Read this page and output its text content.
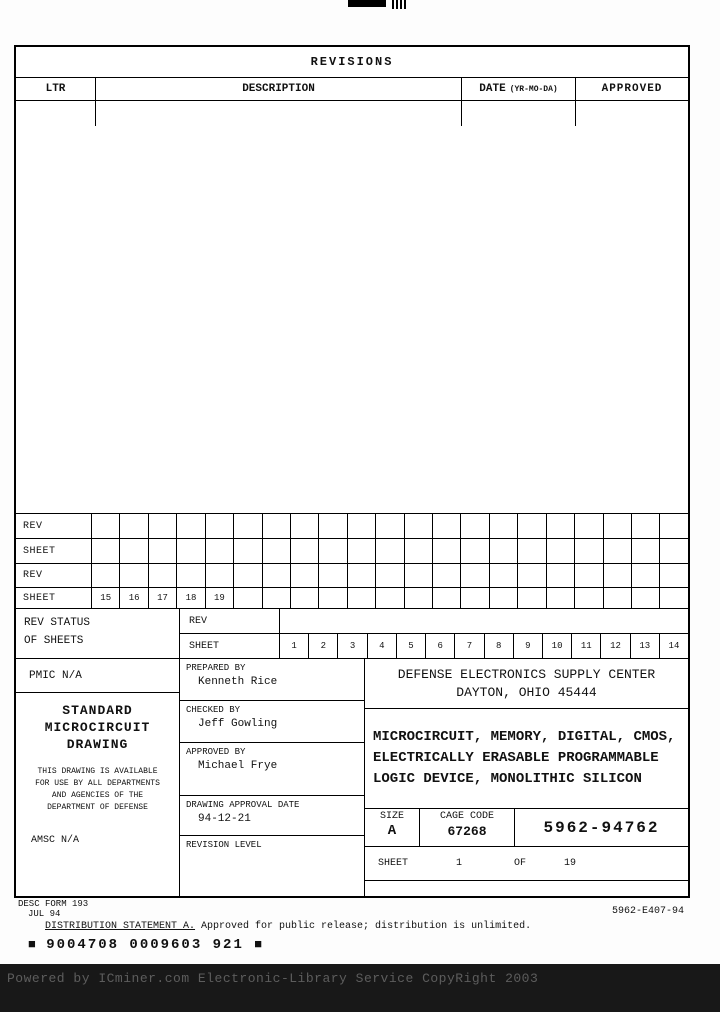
REVISIONS
LTR	DESCRIPTION	DATE (YR-MO-DA)	APPROVED
REV
SHEET
REV
SHEET	15	16	17	18	19
REV STATUS
OF SHEETS
REV
SHEET	1	2	3	4	5	6	7	8	9	10	11	12	13	14
PMIC N/A
STANDARD
MICROCIRCUIT
DRAWING
THIS DRAWING IS AVAILABLE
FOR USE BY ALL DEPARTMENTS
AND AGENCIES OF THE
DEPARTMENT OF DEFENSE
AMSC N/A
PREPARED BY
Kenneth Rice
CHECKED BY
Jeff Gowling
APPROVED BY
Michael Frye
DRAWING APPROVAL DATE
94-12-21
REVISION LEVEL
DEFENSE ELECTRONICS SUPPLY CENTER
DAYTON, OHIO 45444
MICROCIRCUIT, MEMORY, DIGITAL, CMOS,
ELECTRICALLY ERASABLE PROGRAMMABLE
LOGIC DEVICE, MONOLITHIC SILICON
SIZE
A
CAGE CODE
67268	5962-94762
SHEET	1	OF	19
DESC FORM 193
JUL 94	5962-E407-94
DISTRIBUTION STATEMENT A. Approved for public release; distribution is unlimited.
■ 9004708 0009603 921 ■
Powered by ICminer.com Electronic-Library Service CopyRight 2003
